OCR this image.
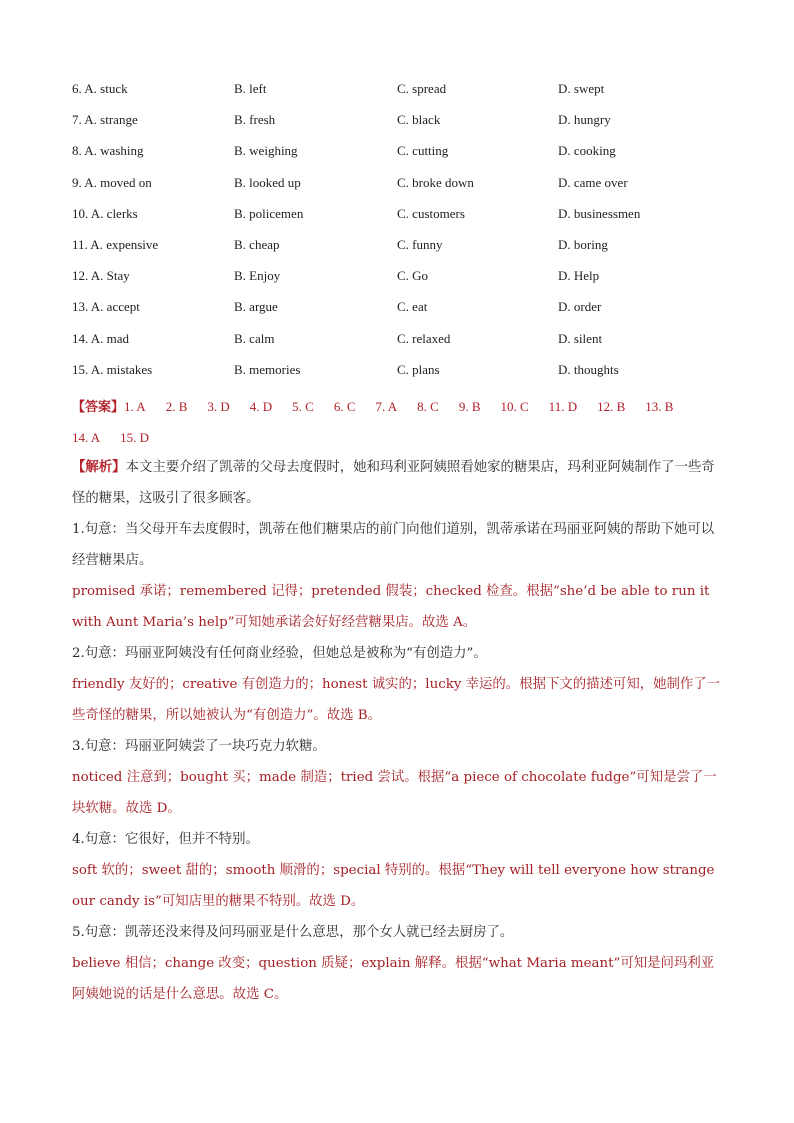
6. A. stuck	B. left	C. spread	D. swept
7. A. strange	B. fresh	C. black	D. hungry
8. A. washing	B. weighing	C. cutting	D. cooking
9. A. moved on	B. looked up	C. broke down	D. came over
10. A. clerks	B. policemen	C. customers	D. businessmen
11. A. expensive	B. cheap	C. funny	D. boring
12. A. Stay	B. Enjoy	C. Go	D. Help
13. A. accept	B. argue	C. eat	D. order
14. A. mad	B. calm	C. relaxed	D. silent
15. A. mistakes	B. memories	C. plans	D. thoughts
【答案】1. A 2. B 3. D 4. D 5. C 6. C 7. A 8. C 9. B 10. C 11. D 12. B 13. B14. A 15. D

【解析】本文主要介绍了凯蒂的父母去度假时，她和玛利亚阿姨照看她家的糖果店，玛利亚阿姨制作了一些奇怪的糖果，这吸引了很多顾客。

1.句意：当父母开车去度假时，凯蒂在他们糖果店的前门向他们道别，凯蒂承诺在玛丽亚阿姨的帮助下她可以经营糖果店。

promised 承诺；remembered 记得；pretended 假装；checked 检查。根据“she’d be able to run it with Aunt Maria’s help”可知她承诺会好好经营糖果店。故选 A。

2.句意：玛丽亚阿姨没有任何商业经验，但她总是被称为“有创造力”。

friendly 友好的；creative 有创造力的；honest 诚实的；lucky 幸运的。根据下文的描述可知，她制作了一些奇怪的糖果，所以她被认为“有创造力”。故选 B。

3.句意：玛丽亚阿姨尝了一块巧克力软糖。

noticed 注意到；bought 买；made 制造；tried 尝试。根据“a piece of chocolate fudge”可知是尝了一块软糖。故选 D。

4.句意：它很好，但并不特别。

soft 软的；sweet 甜的；smooth 顺滑的；special 特别的。根据“They will tell everyone how strange our candy is”可知店里的糖果不特别。故选 D。

5.句意：凯蒂还没来得及问玛丽亚是什么意思，那个女人就已经去厨房了。

believe 相信；change 改变；question 质疑；explain 解释。根据“what Maria meant”可知是问玛利亚阿姨她说的话是什么意思。故选 C。
